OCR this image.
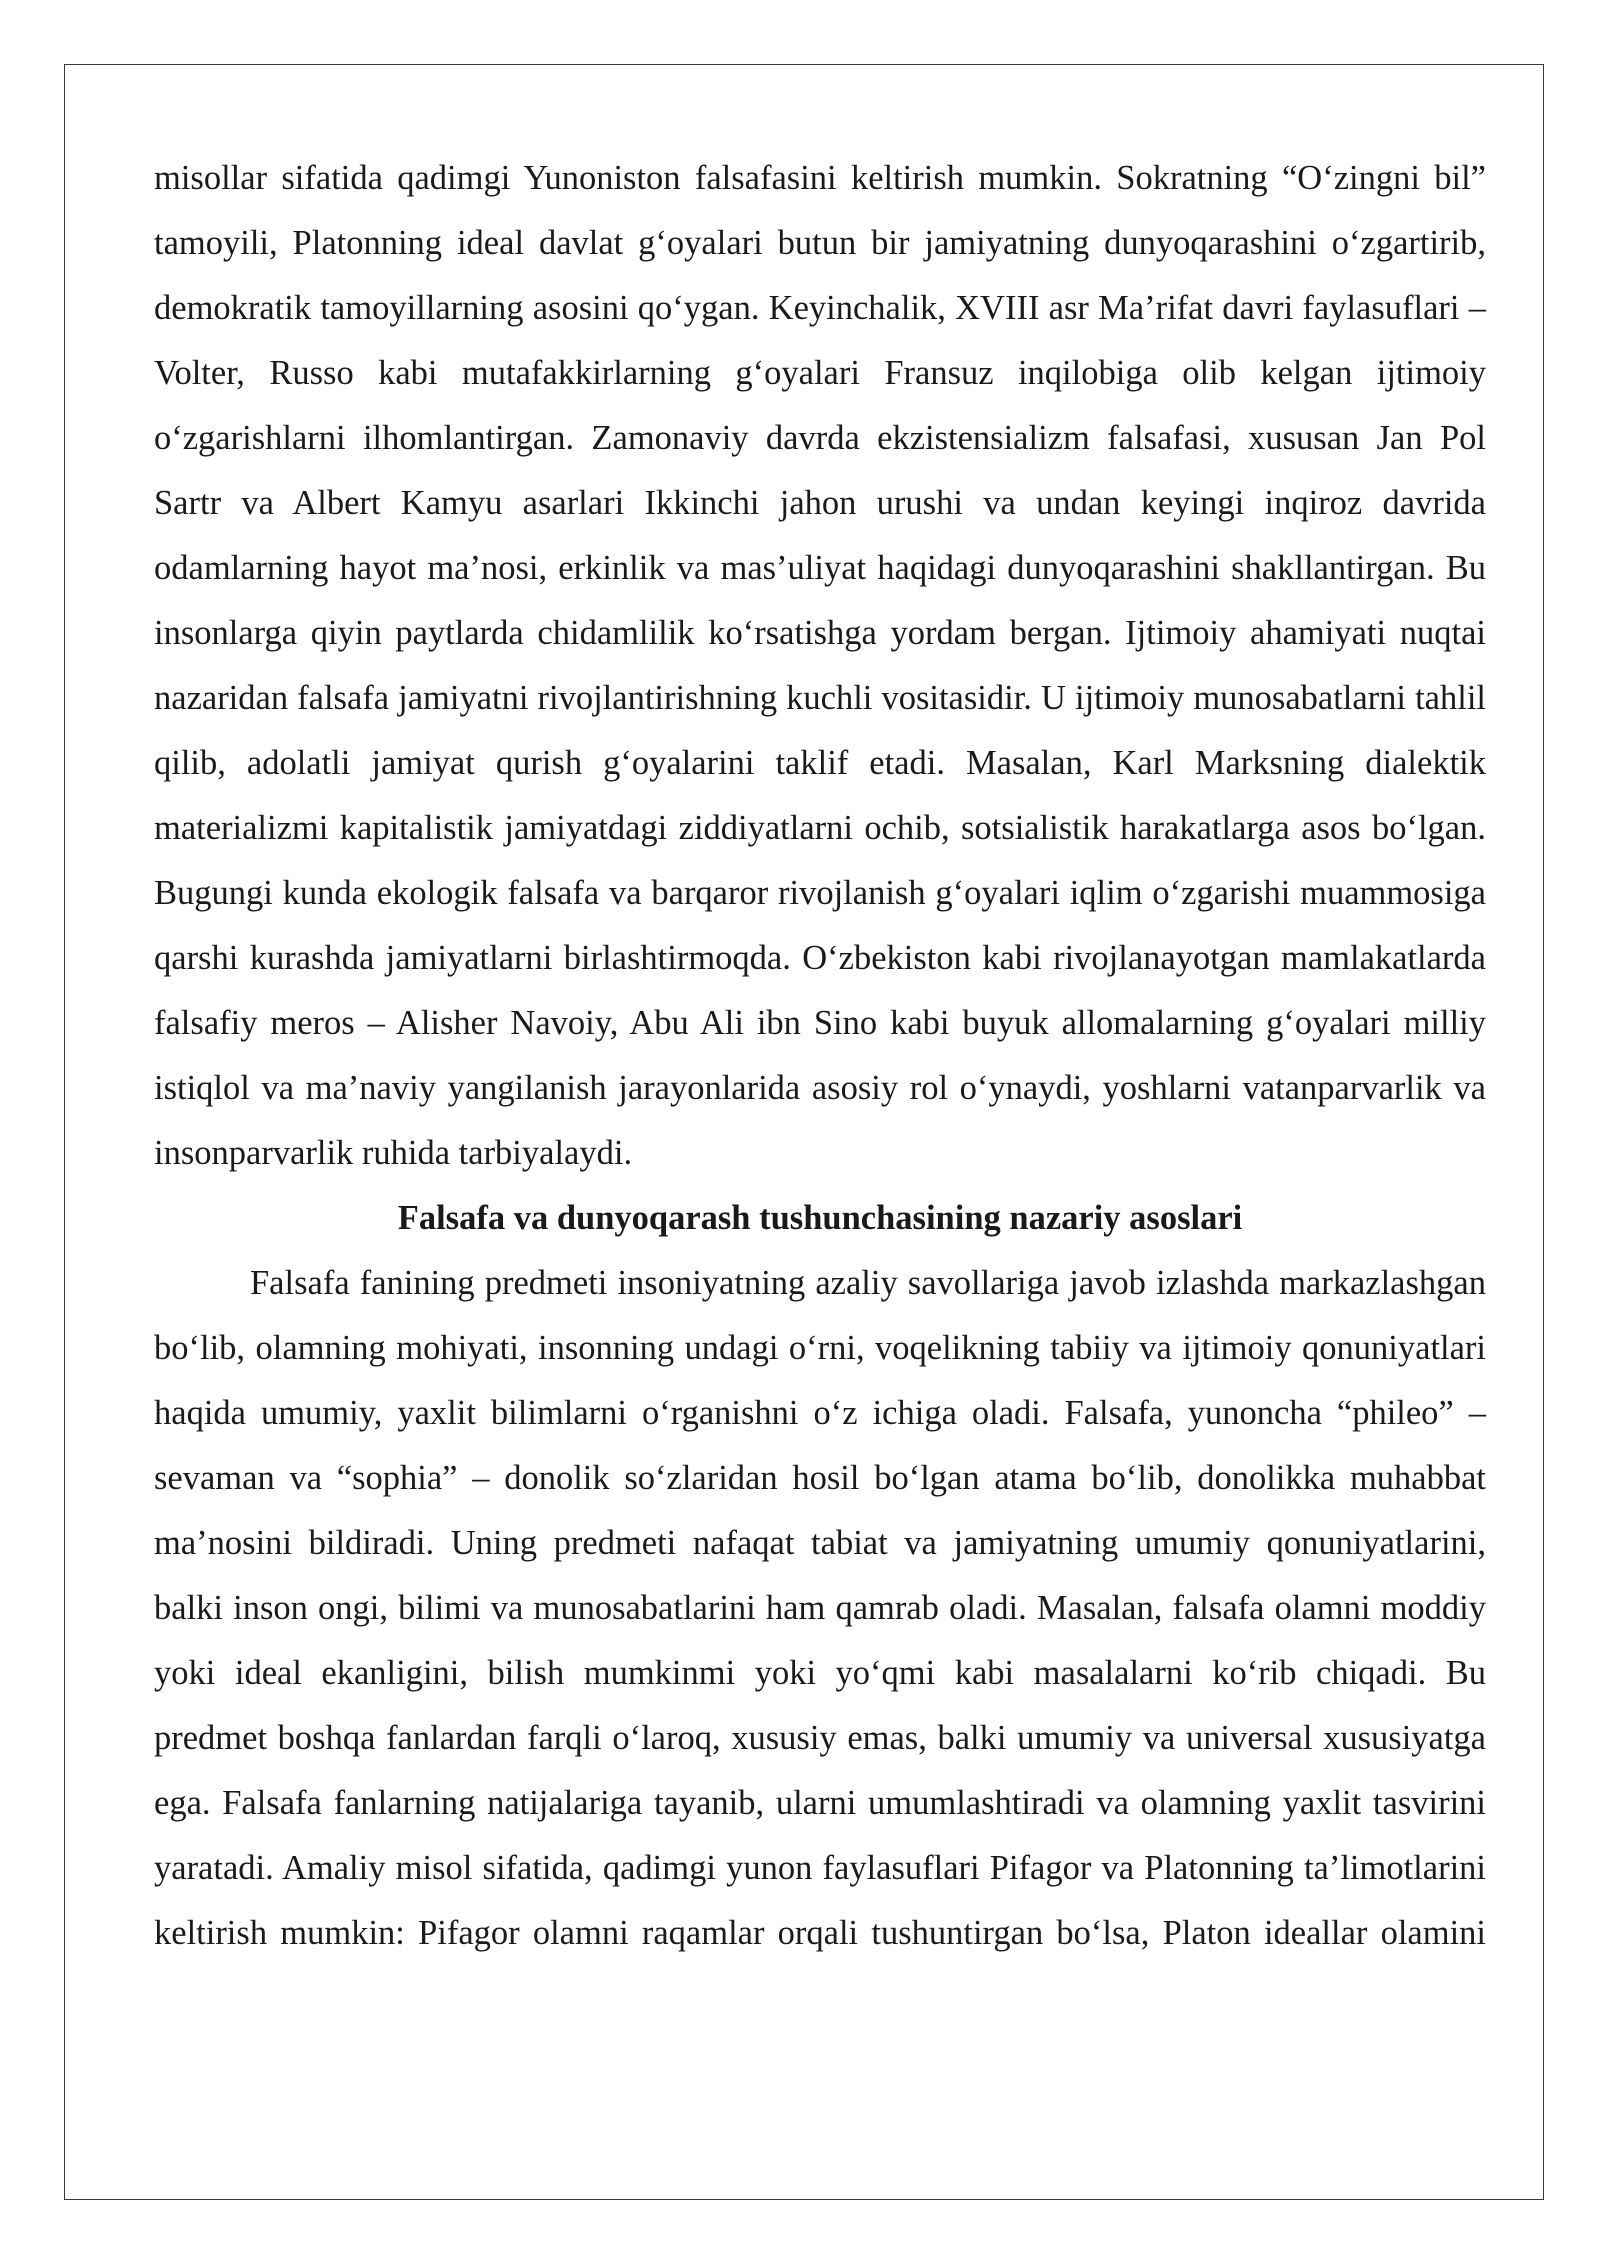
misollar sifatida qadimgi Yunoniston falsafasini keltirish mumkin. Sokratning “O‘zingni bil” tamoyili, Platonning ideal davlat g‘oyalari butun bir jamiyatning dunyoqarashini o‘zgartirib, demokratik tamoyillarning asosini qo‘ygan. Keyinchalik, XVIII asr Ma’rifat davri faylasuflari – Volter, Russo kabi mutafakkirlarning g‘oyalari Fransuz inqilobiga olib kelgan ijtimoiy o‘zgarishlarni ilhomlantirgan. Zamonaviy davrda ekzistensializm falsafasi, xususan Jan Pol Sartr va Albert Kamyu asarlari Ikkinchi jahon urushi va undan keyingi inqiroz davrida odamlarning hayot ma’nosi, erkinlik va mas’uliyat haqidagi dunyoqarashini shakllantirgan. Bu insonlarga qiyin paytlarda chidamlilik ko‘rsatishga yordam bergan. Ijtimoiy ahamiyati nuqtai nazaridan falsafa jamiyatni rivojlantirishning kuchli vositasidir. U ijtimoiy munosabatlarni tahlil qilib, adolatli jamiyat qurish g‘oyalarini taklif etadi. Masalan, Karl Marksning dialektik materializmi kapitalistik jamiyatdagi ziddiyatlarni ochib, sotsialistik harakatlarga asos bo‘lgan. Bugungi kunda ekologik falsafa va barqaror rivojlanish g‘oyalari iqlim o‘zgarishi muammosiga qarshi kurashda jamiyatlarni birlashtirmoqda. O‘zbekiston kabi rivojlanayotgan mamlakatlarda falsafiy meros – Alisher Navoiy, Abu Ali ibn Sino kabi buyuk allomalarning g‘oyalari milliy istiqlol va ma’naviy yangilanish jarayonlarida asosiy rol o‘ynaydi, yoshlarni vatanparvarlik va insonparvarlik ruhida tarbiyalaydi.

Falsafa va dunyoqarash tushunchasining nazariy asoslari

Falsafa fanining predmeti insoniyatning azaliy savollariga javob izlashda markazlashgan bo‘lib, olamning mohiyati, insonning undagi o‘rni, voqelikning tabiiy va ijtimoiy qonuniyatlari haqida umumiy, yaxlit bilimlarni o‘rganishni o‘z ichiga oladi. Falsafa, yunoncha “phileo” – sevaman va “sophia” – donolik so‘zlaridan hosil bo‘lgan atama bo‘lib, donolikka muhabbat ma’nosini bildiradi. Uning predmeti nafaqat tabiat va jamiyatning umumiy qonuniyatlarini, balki inson ongi, bilimi va munosabatlarini ham qamrab oladi. Masalan, falsafa olamni moddiy yoki ideal ekanligini, bilish mumkinmi yoki yo‘qmi kabi masalalarni ko‘rib chiqadi. Bu predmet boshqa fanlardan farqli o‘laroq, xususiy emas, balki umumiy va universal xususiyatga ega. Falsafa fanlarning natijalariga tayanib, ularni umumlashtiradi va olamning yaxlit tasvirini yaratadi. Amaliy misol sifatida, qadimgi yunon faylasuflari Pifagor va Platonning ta’limotlarini keltirish mumkin: Pifagor olamni raqamlar orqali tushuntirgan bo‘lsa, Platon ideallar olamini
